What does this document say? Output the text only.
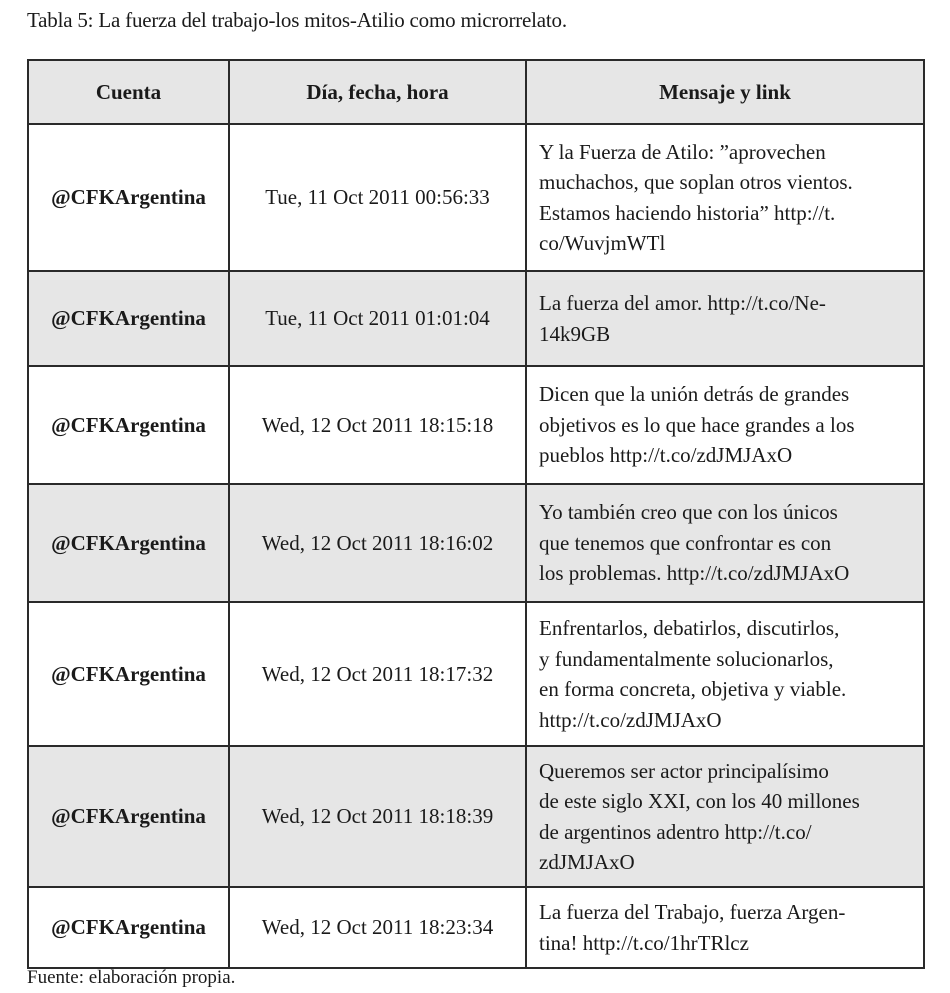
Tabla 5: La fuerza del trabajo-los mitos-Atilio como microrrelato.
Cuenta	Día, fecha, hora	Mensaje y link
@CFKArgentina	Tue, 11 Oct 2011 00:56:33	Y la Fuerza de Atilo: ”aprovechen
muchachos, que soplan otros vientos.
Estamos haciendo historia” http://t.
co/WuvjmWTl

@CFKArgentina	Tue, 11 Oct 2011 01:01:04	La fuerza del amor. http://t.co/Ne-
14k9GB

@CFKArgentina	Wed, 12 Oct 2011 18:15:18	Dicen que la unión detrás de grandes
objetivos es lo que hace grandes a los
pueblos http://t.co/zdJMJAxO

@CFKArgentina	Wed, 12 Oct 2011 18:16:02	Yo también creo que con los únicos
que tenemos que confrontar es con
los problemas. http://t.co/zdJMJAxO

@CFKArgentina	Wed, 12 Oct 2011 18:17:32	Enfrentarlos, debatirlos, discutirlos,
y fundamentalmente solucionarlos,
en forma concreta, objetiva y viable.
http://t.co/zdJMJAxO

@CFKArgentina	Wed, 12 Oct 2011 18:18:39	Queremos ser actor principalísimo
de este siglo XXI, con los 40 millones
de argentinos adentro http://t.co/
zdJMJAxO

@CFKArgentina	Wed, 12 Oct 2011 18:23:34	La fuerza del Trabajo, fuerza Argen-
tina! http://t.co/1hrTRlcz
Fuente: elaboración propia.
